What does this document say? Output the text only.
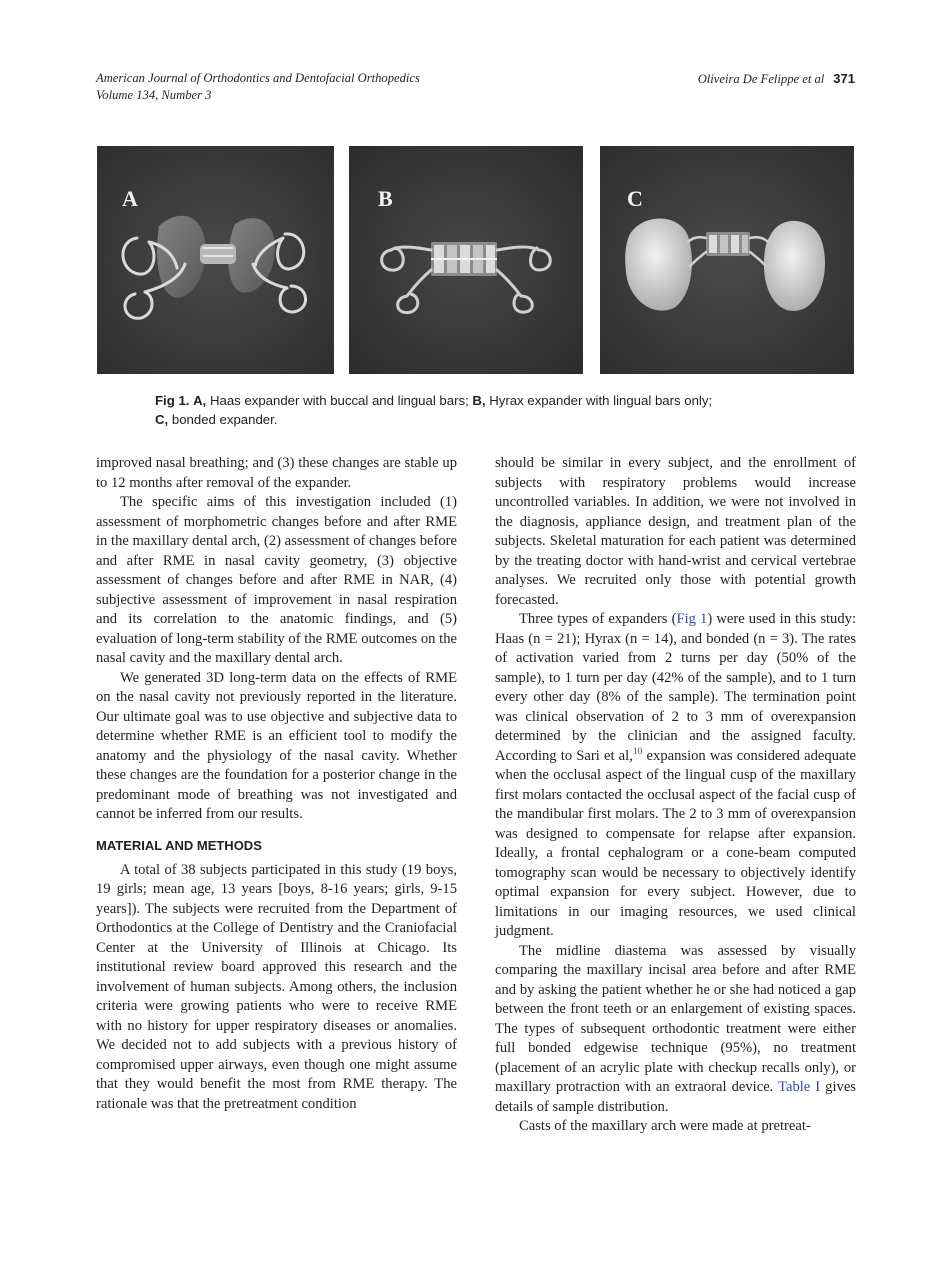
American Journal of Orthodontics and Dentofacial Orthopedics
Volume 134, Number 3
Oliveira De Felippe et al 371
A	B	C
Fig 1. A, Haas expander with buccal and lingual bars; B, Hyrax expander with lingual bars only;
C, bonded expander.

improved nasal breathing; and (3) these changes are stable up to 12 months after removal of the expander.

The specific aims of this investigation included (1) assessment of morphometric changes before and after RME in the maxillary dental arch, (2) assessment of changes before and after RME in nasal cavity geometry, (3) objective assessment of changes before and after RME in NAR, (4) subjective assessment of improvement in nasal respiration and its correlation to the anatomic findings, and (5) evaluation of long-term stability of the RME outcomes on the nasal cavity and the maxillary dental arch.

We generated 3D long-term data on the effects of RME on the nasal cavity not previously reported in the literature. Our ultimate goal was to use objective and subjective data to determine whether RME is an efficient tool to modify the anatomy and the physiology of the nasal cavity. Whether these changes are the foundation for a posterior change in the predominant mode of breathing was not investigated and cannot be inferred from our results.

MATERIAL AND METHODS

A total of 38 subjects participated in this study (19 boys, 19 girls; mean age, 13 years [boys, 8-16 years; girls, 9-15 years]). The subjects were recruited from the Department of Orthodontics at the College of Dentistry and the Craniofacial Center at the University of Illinois at Chicago. Its institutional review board approved this research and the involvement of human subjects. Among others, the inclusion criteria were growing patients who were to receive RME with no history for upper respiratory diseases or anomalies. We decided not to add subjects with a previous history of compromised upper airways, even though one might assume that they would benefit the most from RME therapy. The rationale was that the pretreatment condition

should be similar in every subject, and the enrollment of subjects with respiratory problems would increase uncontrolled variables. In addition, we were not involved in the diagnosis, appliance design, and treatment plan of the subjects. Skeletal maturation for each patient was determined by the treating doctor with hand-wrist and cervical vertebrae analyses. We recruited only those with potential growth forecasted.

Three types of expanders (Fig 1) were used in this study: Haas (n = 21); Hyrax (n = 14), and bonded (n = 3). The rates of activation varied from 2 turns per day (50% of the sample), to 1 turn per day (42% of the sample), and to 1 turn every other day (8% of the sample). The termination point was clinical observation of 2 to 3 mm of overexpansion determined by the clinician and the assigned faculty. According to Sari et al,$^{10}$ expansion was considered adequate when the occlusal aspect of the lingual cusp of the maxillary first molars contacted the occlusal aspect of the facial cusp of the mandibular first molars. The 2 to 3 mm of overexpansion was designed to compensate for relapse after expansion. Ideally, a frontal cephalogram or a cone-beam computed tomography scan would be necessary to objectively identify optimal expansion for every subject. However, due to limitations in our imaging resources, we used clinical judgment.

The midline diastema was assessed by visually comparing the maxillary incisal area before and after RME and by asking the patient whether he or she had noticed a gap between the front teeth or an enlargement of existing spaces. The types of subsequent orthodontic treatment were either full bonded edgewise technique (95%), no treatment (placement of an acrylic plate with checkup recalls only), or maxillary protraction with an extraoral device. Table I gives details of sample distribution.

Casts of the maxillary arch were made at pretreat-
